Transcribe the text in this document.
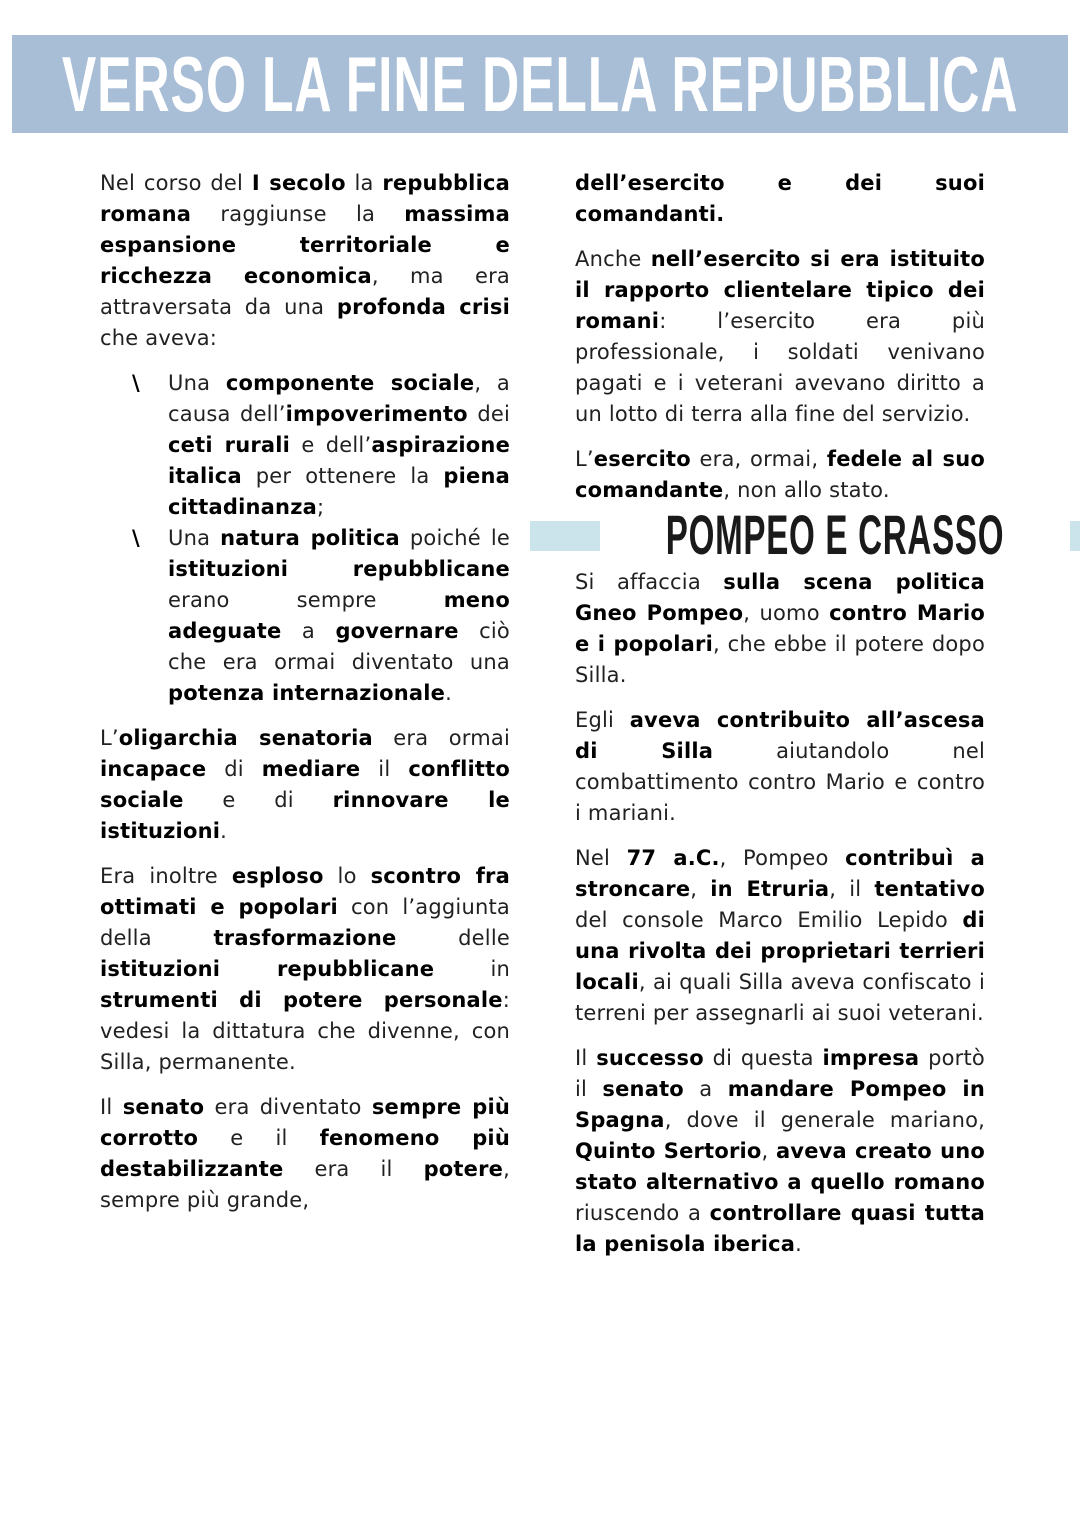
VERSO LA FINE DELLA REPUBBLICA

Nel corso del I secolo la repubblica romana raggiunse la massima espansione territoriale e ricchezza economica, ma era attraversata da una profonda crisi che aveva:

\ Una componente sociale, a causa dell’impoverimento dei ceti rurali e dell’aspirazione italica per ottenere la piena cittadinanza;
\ Una natura politica poiché le istituzioni repubblicane erano sempre meno adeguate a governare ciò che era ormai diventato una potenza internazionale.

L’oligarchia senatoria era ormai incapace di mediare il conflitto sociale e di rinnovare le istituzioni.

Era inoltre esploso lo scontro fra ottimati e popolari con l’aggiunta della trasformazione delle istituzioni repubblicane in strumenti di potere personale: vedesi la dittatura che divenne, con Silla, permanente.

Il senato era diventato sempre più corrotto e il fenomeno più destabilizzante era il potere, sempre più grande,

dell’esercito e dei suoi comandanti.

Anche nell’esercito si era istituito il rapporto clientelare tipico dei romani: l’esercito era più professionale, i soldati venivano pagati e i veterani avevano diritto a un lotto di terra alla fine del servizio.

L’esercito era, ormai, fedele al suo comandante, non allo stato.

POMPEO E CRASSO

Si affaccia sulla scena politica Gneo Pompeo, uomo contro Mario e i popolari, che ebbe il potere dopo Silla.

Egli aveva contribuito all’ascesa di Silla aiutandolo nel combattimento contro Mario e contro i mariani.

Nel 77 a.C., Pompeo contribuì a stroncare, in Etruria, il tentativo del console Marco Emilio Lepido di una rivolta dei proprietari terrieri locali, ai quali Silla aveva confiscato i terreni per assegnarli ai suoi veterani.

Il successo di questa impresa portò il senato a mandare Pompeo in Spagna, dove il generale mariano, Quinto Sertorio, aveva creato uno stato alternativo a quello romano riuscendo a controllare quasi tutta la penisola iberica.
